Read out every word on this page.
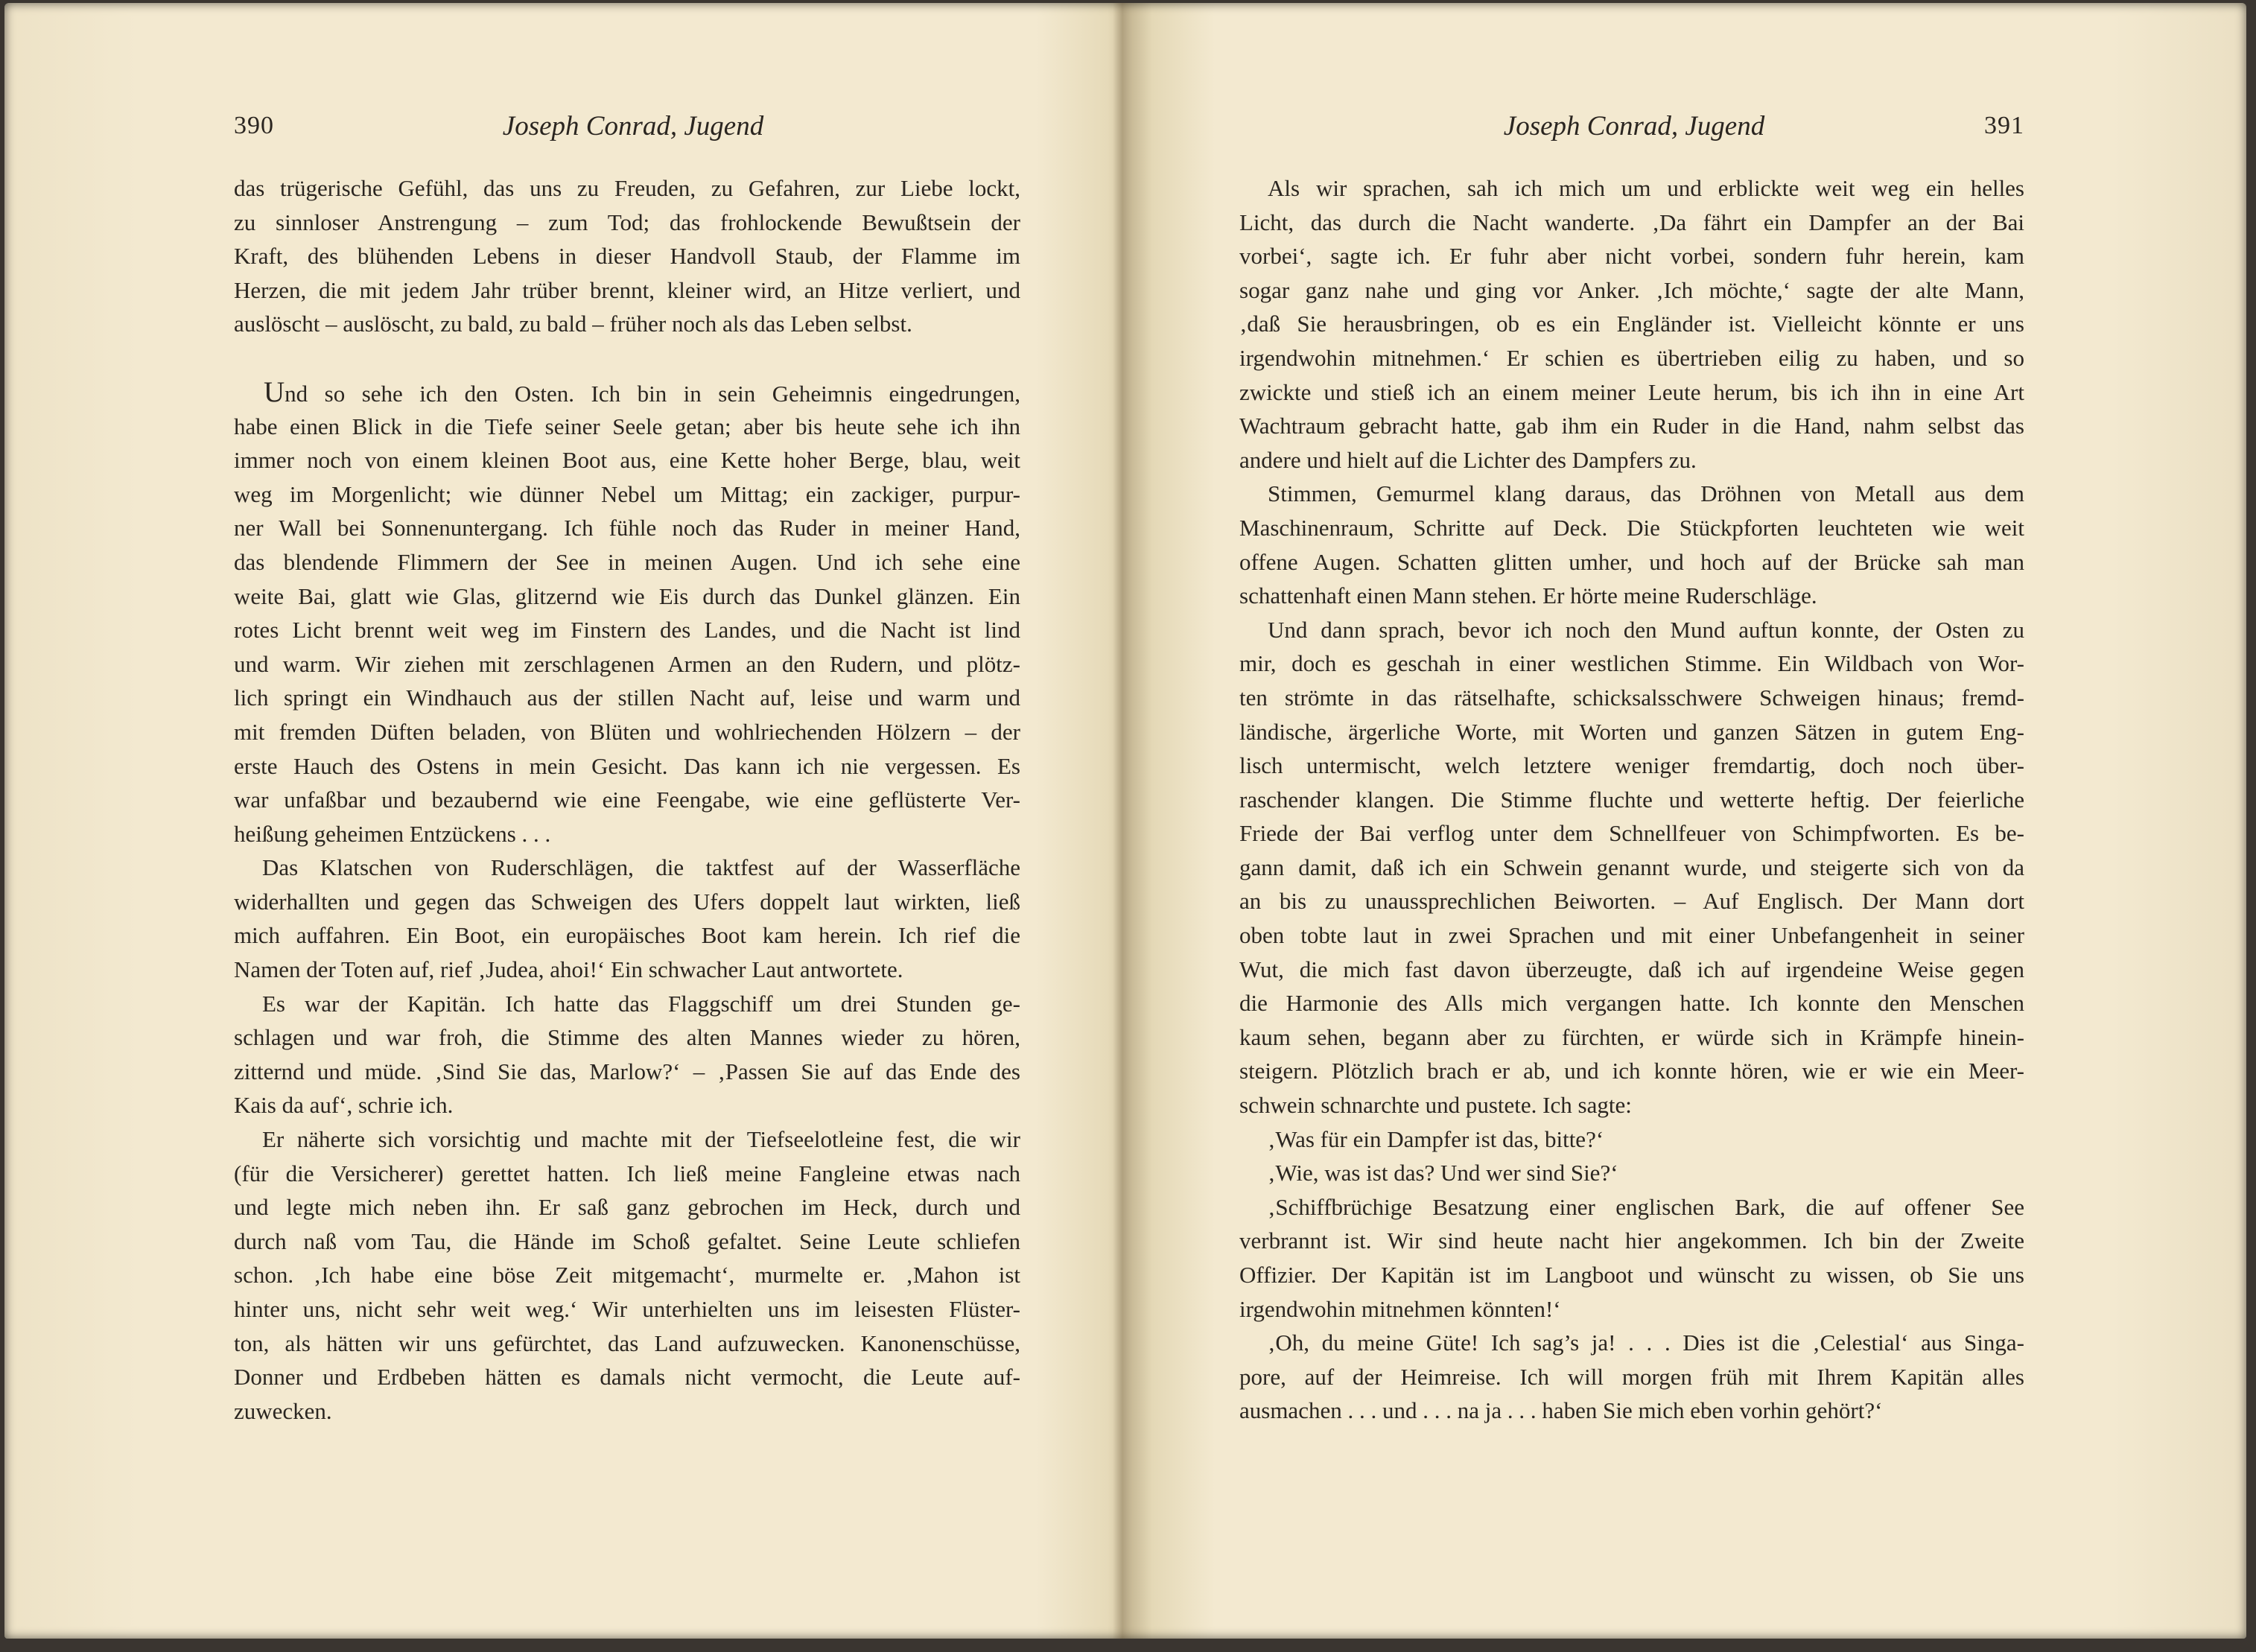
390	Joseph Conrad, Jugend
das trügerische Gefühl, das uns zu Freuden, zu Gefahren, zur Liebe lockt,
zu sinnloser Anstrengung – zum Tod; das frohlockende Bewußtsein der
Kraft, des blühenden Lebens in dieser Handvoll Staub, der Flamme im
Herzen, die mit jedem Jahr trüber brennt, kleiner wird, an Hitze verliert, und
auslöscht – auslöscht, zu bald, zu bald – früher noch als das Leben selbst.
Und so sehe ich den Osten. Ich bin in sein Geheimnis eingedrungen,
habe einen Blick in die Tiefe seiner Seele getan; aber bis heute sehe ich ihn
immer noch von einem kleinen Boot aus, eine Kette hoher Berge, blau, weit
weg im Morgenlicht; wie dünner Nebel um Mittag; ein zackiger, purpur-
ner Wall bei Sonnenuntergang. Ich fühle noch das Ruder in meiner Hand,
das blendende Flimmern der See in meinen Augen. Und ich sehe eine
weite Bai, glatt wie Glas, glitzernd wie Eis durch das Dunkel glänzen. Ein
rotes Licht brennt weit weg im Finstern des Landes, und die Nacht ist lind
und warm. Wir ziehen mit zerschlagenen Armen an den Rudern, und plötz-
lich springt ein Windhauch aus der stillen Nacht auf, leise und warm und
mit fremden Düften beladen, von Blüten und wohlriechenden Hölzern – der
erste Hauch des Ostens in mein Gesicht. Das kann ich nie vergessen. Es
war unfaßbar und bezaubernd wie eine Feengabe, wie eine geflüsterte Ver-
heißung geheimen Entzückens . . .
Das Klatschen von Ruderschlägen, die taktfest auf der Wasserfläche
widerhallten und gegen das Schweigen des Ufers doppelt laut wirkten, ließ
mich auffahren. Ein Boot, ein europäisches Boot kam herein. Ich rief die
Namen der Toten auf, rief ‚Judea, ahoi!‘ Ein schwacher Laut antwortete.
Es war der Kapitän. Ich hatte das Flaggschiff um drei Stunden ge-
schlagen und war froh, die Stimme des alten Mannes wieder zu hören,
zitternd und müde. ‚Sind Sie das, Marlow?‘ – ‚Passen Sie auf das Ende des
Kais da auf‘, schrie ich.
Er näherte sich vorsichtig und machte mit der Tiefseelotleine fest, die wir
(für die Versicherer) gerettet hatten. Ich ließ meine Fangleine etwas nach
und legte mich neben ihn. Er saß ganz gebrochen im Heck, durch und
durch naß vom Tau, die Hände im Schoß gefaltet. Seine Leute schliefen
schon. ‚Ich habe eine böse Zeit mitgemacht‘, murmelte er. ‚Mahon ist
hinter uns, nicht sehr weit weg.‘ Wir unterhielten uns im leisesten Flüster-
ton, als hätten wir uns gefürchtet, das Land aufzuwecken. Kanonenschüsse,
Donner und Erdbeben hätten es damals nicht vermocht, die Leute auf-
zuwecken.
Joseph Conrad, Jugend	391
Als wir sprachen, sah ich mich um und erblickte weit weg ein helles
Licht, das durch die Nacht wanderte. ‚Da fährt ein Dampfer an der Bai
vorbei‘, sagte ich. Er fuhr aber nicht vorbei, sondern fuhr herein, kam
sogar ganz nahe und ging vor Anker. ‚Ich möchte,‘ sagte der alte Mann,
‚daß Sie herausbringen, ob es ein Engländer ist. Vielleicht könnte er uns
irgendwohin mitnehmen.‘ Er schien es übertrieben eilig zu haben, und so
zwickte und stieß ich an einem meiner Leute herum, bis ich ihn in eine Art
Wachtraum gebracht hatte, gab ihm ein Ruder in die Hand, nahm selbst das
andere und hielt auf die Lichter des Dampfers zu.
Stimmen, Gemurmel klang daraus, das Dröhnen von Metall aus dem
Maschinenraum, Schritte auf Deck. Die Stückpforten leuchteten wie weit
offene Augen. Schatten glitten umher, und hoch auf der Brücke sah man
schattenhaft einen Mann stehen. Er hörte meine Ruderschläge.
Und dann sprach, bevor ich noch den Mund auftun konnte, der Osten zu
mir, doch es geschah in einer westlichen Stimme. Ein Wildbach von Wor-
ten strömte in das rätselhafte, schicksalsschwere Schweigen hinaus; fremd-
ländische, ärgerliche Worte, mit Worten und ganzen Sätzen in gutem Eng-
lisch untermischt, welch letztere weniger fremdartig, doch noch über-
raschender klangen. Die Stimme fluchte und wetterte heftig. Der feierliche
Friede der Bai verflog unter dem Schnellfeuer von Schimpfworten. Es be-
gann damit, daß ich ein Schwein genannt wurde, und steigerte sich von da
an bis zu unaussprechlichen Beiworten. – Auf Englisch. Der Mann dort
oben tobte laut in zwei Sprachen und mit einer Unbefangenheit in seiner
Wut, die mich fast davon überzeugte, daß ich auf irgendeine Weise gegen
die Harmonie des Alls mich vergangen hatte. Ich konnte den Menschen
kaum sehen, begann aber zu fürchten, er würde sich in Krämpfe hinein-
steigern. Plötzlich brach er ab, und ich konnte hören, wie er wie ein Meer-
schwein schnarchte und pustete. Ich sagte:
‚Was für ein Dampfer ist das, bitte?‘
‚Wie, was ist das? Und wer sind Sie?‘
‚Schiffbrüchige Besatzung einer englischen Bark, die auf offener See
verbrannt ist. Wir sind heute nacht hier angekommen. Ich bin der Zweite
Offizier. Der Kapitän ist im Langboot und wünscht zu wissen, ob Sie uns
irgendwohin mitnehmen könnten!‘
‚Oh, du meine Güte! Ich sag’s ja! . . . Dies ist die ‚Celestial‘ aus Singa-
pore, auf der Heimreise. Ich will morgen früh mit Ihrem Kapitän alles
ausmachen . . . und . . . na ja . . . haben Sie mich eben vorhin gehört?‘
